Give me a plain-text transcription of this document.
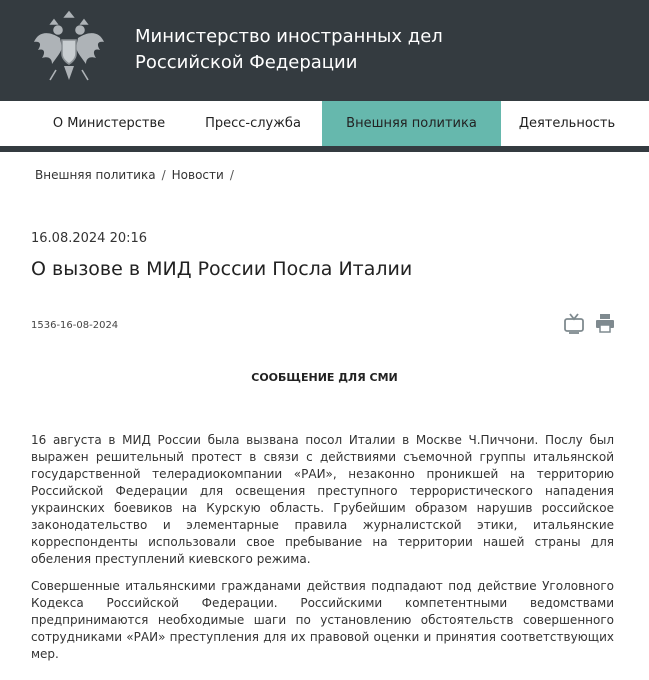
Министерство иностранных дел
Российской Федерации
О Министерстве	Пресс-служба	Внешняя политика	Деятельность
Внешняя политика / Новости /
16.08.2024 20:16
О вызове в МИД России Посла Италии
1536-16-08-2024
СООБЩЕНИЕ ДЛЯ СМИ

16 августа в МИД России была вызвана посол Италии в Москве Ч.Пиччони. Послу был выражен решительный протест в связи с действиями съемочной группы итальянской государственной телерадиокомпании «РАИ», незаконно проникшей на территорию Российской Федерации для освещения преступного террористического нападения украинских боевиков на Курскую область. Грубейшим образом нарушив российское законодательство и элементарные правила журналистской этики, итальянские корреспонденты использовали свое пребывание на территории нашей страны для обеления преступлений киевского режима.

Совершенные итальянскими гражданами действия подпадают под действие Уголовного Кодекса Российской Федерации. Российскими компетентными ведомствами предпринимаются необходимые шаги по установлению обстоятельств совершенного сотрудниками «РАИ» преступления для их правовой оценки и принятия соответствующих мер.
